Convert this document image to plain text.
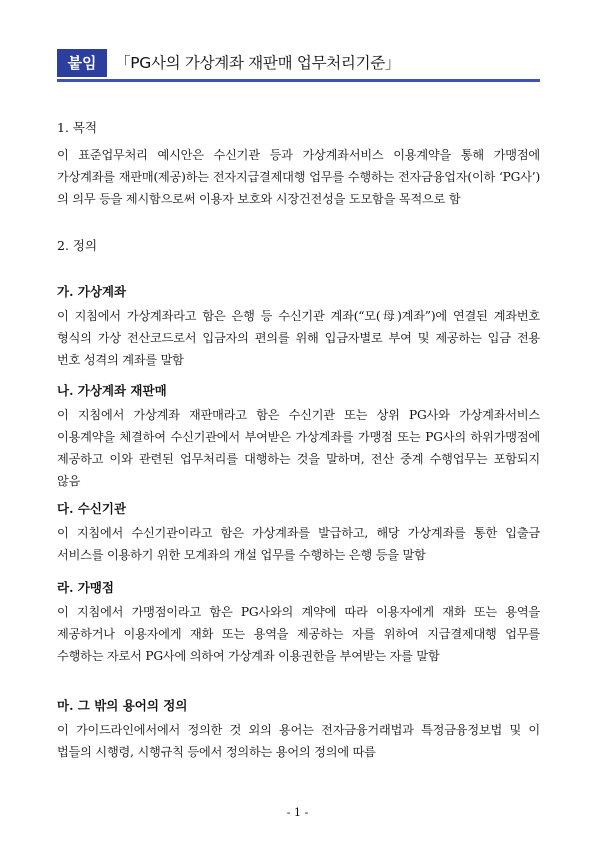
붙임	「PG사의 가상계좌 재판매 업무처리기준」
1. 목적

이 표준업무처리 예시안은 수신기관 등과 가상계좌서비스 이용계약을 통해 가맹점에 가상계좌를 재판매(제공)하는 전자지급결제대행 업무를 수행하는 전자금융업자(이하 ‘PG사’)의 의무 등을 제시함으로써 이용자 보호와 시장건전성을 도모함을 목적으로 함

2. 정의
가. 가상계좌

이 지침에서 가상계좌라고 함은 은행 등 수신기관 계좌(“모(母)계좌”)에 연결된 계좌번호 형식의 가상 전산코드로서 입금자의 편의를 위해 입금자별로 부여 및 제공하는 입금 전용 번호 성격의 계좌를 말함

나. 가상계좌 재판매

이 지침에서 가상계좌 재판매라고 함은 수신기관 또는 상위 PG사와 가상계좌서비스 이용계약을 체결하여 수신기관에서 부여받은 가상계좌를 가맹점 또는 PG사의 하위가맹점에 제공하고 이와 관련된 업무처리를 대행하는 것을 말하며, 전산 중계 수행업무는 포함되지 않음

다. 수신기관

이 지침에서 수신기관이라고 함은 가상계좌를 발급하고, 해당 가상계좌를 통한 입출금 서비스를 이용하기 위한 모계좌의 개설 업무를 수행하는 은행 등을 말함

라. 가맹점

이 지침에서 가맹점이라고 함은 PG사와의 계약에 따라 이용자에게 재화 또는 용역을 제공하거나 이용자에게 재화 또는 용역을 제공하는 자를 위하여 지급결제대행 업무를 수행하는 자로서 PG사에 의하여 가상계좌 이용권한을 부여받는 자를 말함

마. 그 밖의 용어의 정의

이 가이드라인에서에서 정의한 것 외의 용어는 전자금융거래법과 특정금융정보법 및 이 법들의 시행령, 시행규칙 등에서 정의하는 용어의 정의에 따름

- 1 -
